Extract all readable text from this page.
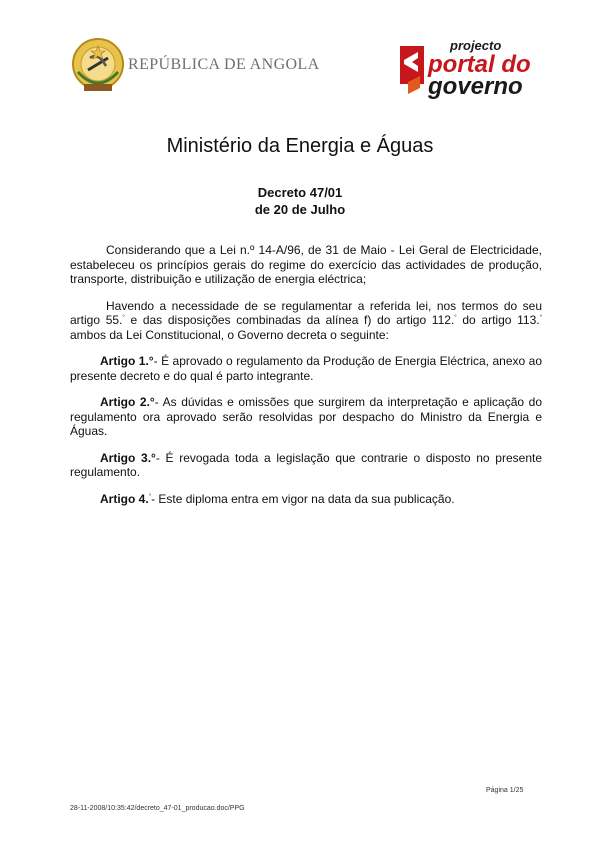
REPÚBLICA DE ANGOLA
projecto
portal do
governo
Ministério da Energia e Águas
Decreto 47/01
de 20 de Julho

Considerando que a Lei n.º 14-A/96, de 31 de Maio - Lei Geral de Electricidade, estabeleceu os princípios gerais do regime do exercício das actividades de produção, transporte, distribuição e utilização de energia eléctrica;

Havendo a necessidade de se regulamentar a referida lei, nos termos do seu artigo 55.° e das disposições combinadas da alínea f) do artigo 112.° do artigo 113.° ambos da Lei Constitucional, o Governo decreta o seguinte:

Artigo 1.°- É aprovado o regulamento da Produção de Energia Eléctrica, anexo ao presente decreto e do qual é parto integrante.

Artigo 2.°- As dúvidas e omissões que surgirem da interpretação e aplicação do regulamento ora aprovado serão resolvidas por despacho do Ministro da Energia e Águas.

Artigo 3.°- É revogada toda a legislação que contrarie o disposto no presente regulamento.

Artigo 4.°- Este diploma entra em vigor na data da sua publicação.

Página 1/25
28-11-2008/10:35:42/decreto_47-01_producao.doc/PPG
